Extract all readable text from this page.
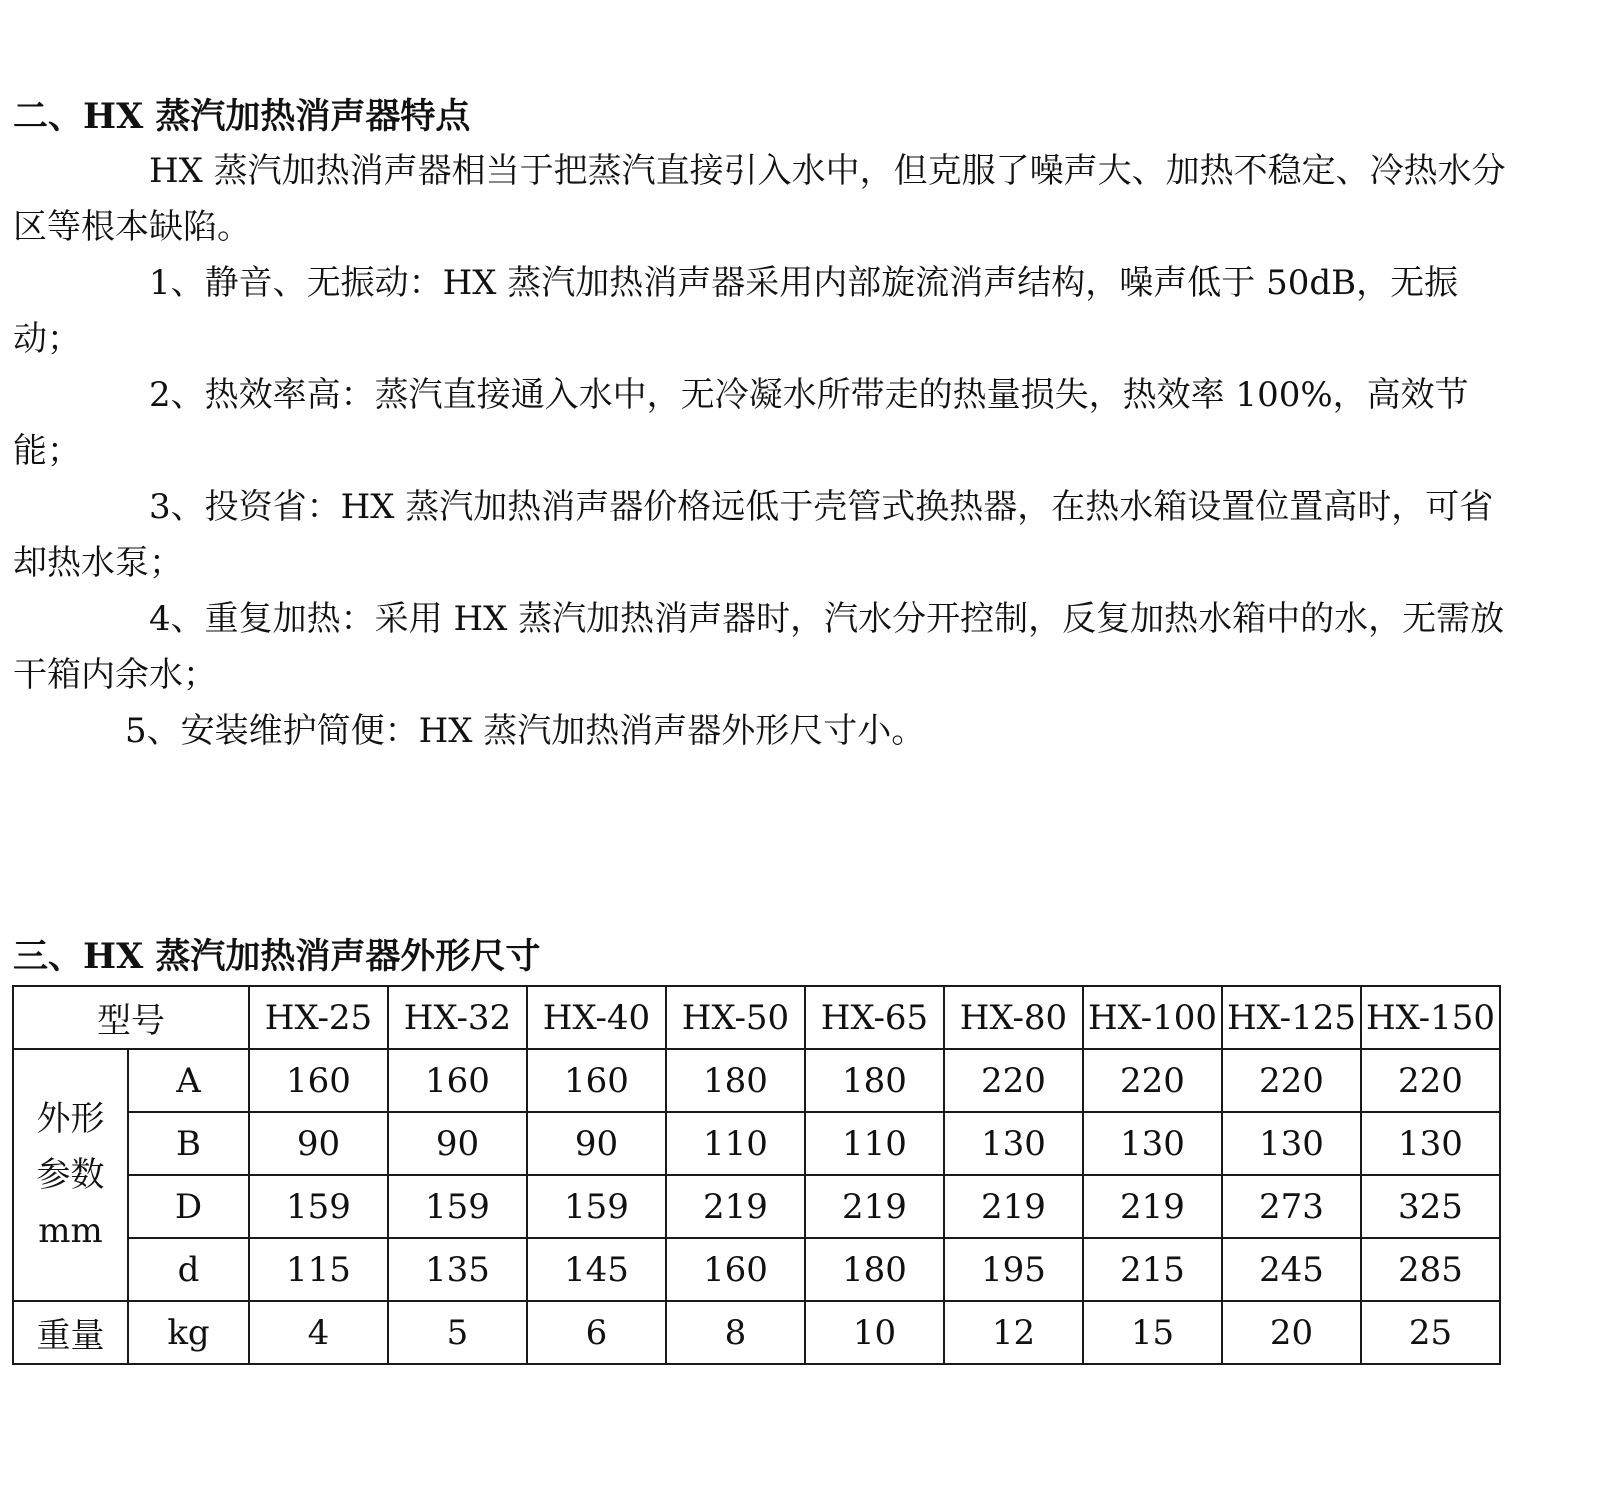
二、HX 蒸汽加热消声器特点

HX 蒸汽加热消声器相当于把蒸汽直接引入水中，但克服了噪声大、加热不稳定、冷热水分区等根本缺陷。

1、静音、无振动：HX 蒸汽加热消声器采用内部旋流消声结构，噪声低于 50dB，无振动；

2、热效率高：蒸汽直接通入水中，无冷凝水所带走的热量损失，热效率 100%，高效节能；

3、投资省：HX 蒸汽加热消声器价格远低于壳管式换热器，在热水箱设置位置高时，可省却热水泵；

4、重复加热：采用 HX 蒸汽加热消声器时，汽水分开控制，反复加热水箱中的水，无需放干箱内余水；

5、安装维护简便：HX 蒸汽加热消声器外形尺寸小。

三、HX 蒸汽加热消声器外形尺寸
型号		HX-25	HX-32	HX-40	HX-50	HX-65	HX-80	HX-100	HX-125	HX-150

外形
参数
mm	A	160	160	160	180	180	220	220	220	220
	B	90	90	90	110	110	130	130	130	130
	D	159	159	159	219	219	219	219	273	325
	d	115	135	145	160	180	195	215	245	285
重量	kg	4	5	6	8	10	12	15	20	25
